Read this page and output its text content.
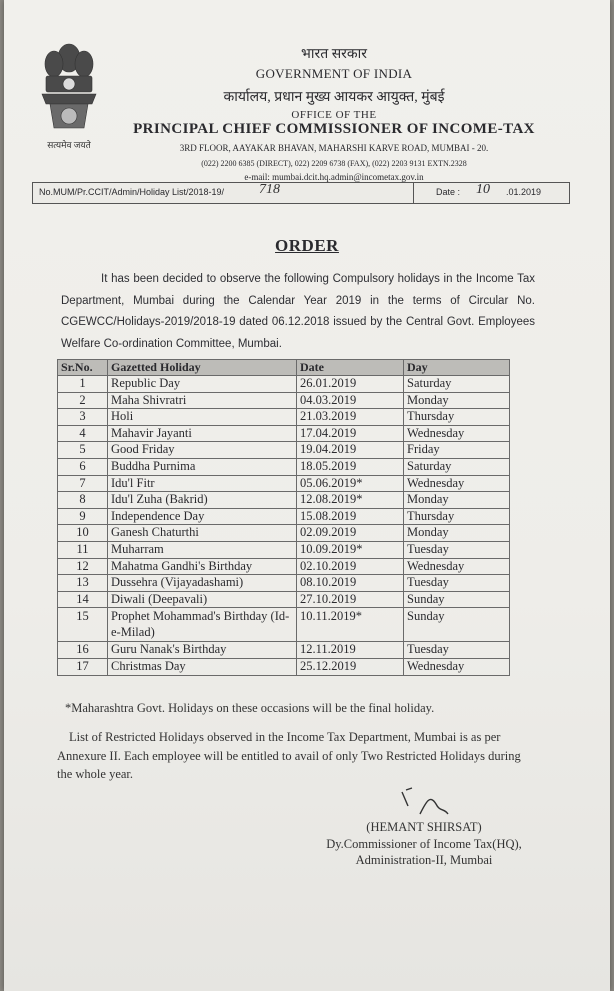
सत्यमेव जयते
भारत सरकार
GOVERNMENT OF INDIA
कार्यालय, प्रधान मुख्य आयकर आयुक्त, मुंबई
OFFICE OF THE
PRINCIPAL CHIEF COMMISSIONER OF INCOME-TAX
3RD FLOOR, AAYAKAR BHAVAN, MAHARSHI KARVE ROAD, MUMBAI - 20.
(022) 2200 6385 (DIRECT), 022) 2209 6738 (FAX), (022) 2203 9131 EXTN.2328
e-mail: mumbai.dcit.hq.admin@incometax.gov.in
No.MUM/Pr.CCIT/Admin/Holiday List/2018-19/ 718	Date : 10 .01.2019
ORDER
It has been decided to observe the following Compulsory holidays in the Income Tax Department, Mumbai during the Calendar Year 2019 in the terms of Circular No. CGEWCC/Holidays-2019/2018-19 dated 06.12.2018 issued by the Central Govt. Employees Welfare Co-ordination Committee, Mumbai.
Sr.No.	Gazetted Holiday	Date	Day
1	Republic Day	26.01.2019	Saturday
2	Maha Shivratri	04.03.2019	Monday
3	Holi	21.03.2019	Thursday
4	Mahavir Jayanti	17.04.2019	Wednesday
5	Good Friday	19.04.2019	Friday
6	Buddha Purnima	18.05.2019	Saturday
7	Idu'l Fitr	05.06.2019*	Wednesday
8	Idu'l Zuha (Bakrid)	12.08.2019*	Monday
9	Independence Day	15.08.2019	Thursday
10	Ganesh Chaturthi	02.09.2019	Monday
11	Muharram	10.09.2019*	Tuesday
12	Mahatma Gandhi's Birthday	02.10.2019	Wednesday
13	Dussehra (Vijayadashami)	08.10.2019	Tuesday
14	Diwali (Deepavali)	27.10.2019	Sunday
15	Prophet Mohammad's Birthday (Id-e-Milad)	10.11.2019*	Sunday
16	Guru Nanak's Birthday	12.11.2019	Tuesday
17	Christmas Day	25.12.2019	Wednesday
*Maharashtra Govt. Holidays on these occasions will be the final holiday.
List of Restricted Holidays observed in the Income Tax Department, Mumbai is as per Annexure II. Each employee will be entitled to avail of only Two Restricted Holidays during the whole year.
(HEMANT SHIRSAT)
Dy.Commissioner of Income Tax(HQ),
Administration-II, Mumbai
